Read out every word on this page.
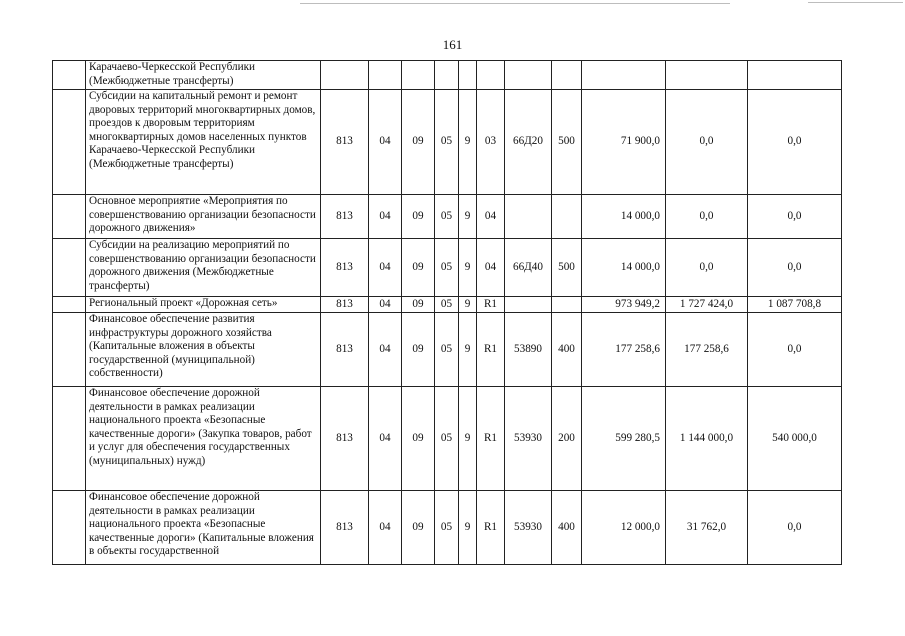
161
	Карачаево-Черкесской Республики (Межбюджетные трансферты)											
	Субсидии на капитальный ремонт и ремонт дворовых территорий многоквартирных домов, проездов к дворовым территориям многоквартирных домов населенных пунктов Карачаево-Черкесской Республики (Межбюджетные трансферты)	813	04	09	05	9	03	66Д20	500	71 900,0	0,0	0,0
	Основное мероприятие «Мероприятия по совершенствованию организации безопасности дорожного движения»	813	04	09	05	9	04			14 000,0	0,0	0,0
	Субсидии на реализацию мероприятий по совершенствованию организации безопасности дорожного движения (Межбюджетные трансферты)	813	04	09	05	9	04	66Д40	500	14 000,0	0,0	0,0
	Региональный проект «Дорожная сеть»	813	04	09	05	9	R1			973 949,2	1 727 424,0	1 087 708,8
	Финансовое обеспечение развития инфраструктуры дорожного хозяйства (Капитальные вложения в объекты государственной (муниципальной) собственности)	813	04	09	05	9	R1	53890	400	177 258,6	177 258,6	0,0
	Финансовое обеспечение дорожной деятельности в рамках реализации национального проекта «Безопасные качественные дороги» (Закупка товаров, работ и услуг для обеспечения государственных (муниципальных) нужд)	813	04	09	05	9	R1	53930	200	599 280,5	1 144 000,0	540 000,0
	Финансовое обеспечение дорожной деятельности в рамках реализации национального проекта «Безопасные качественные дороги» (Капитальные вложения в объекты государственной	813	04	09	05	9	R1	53930	400	12 000,0	31 762,0	0,0
